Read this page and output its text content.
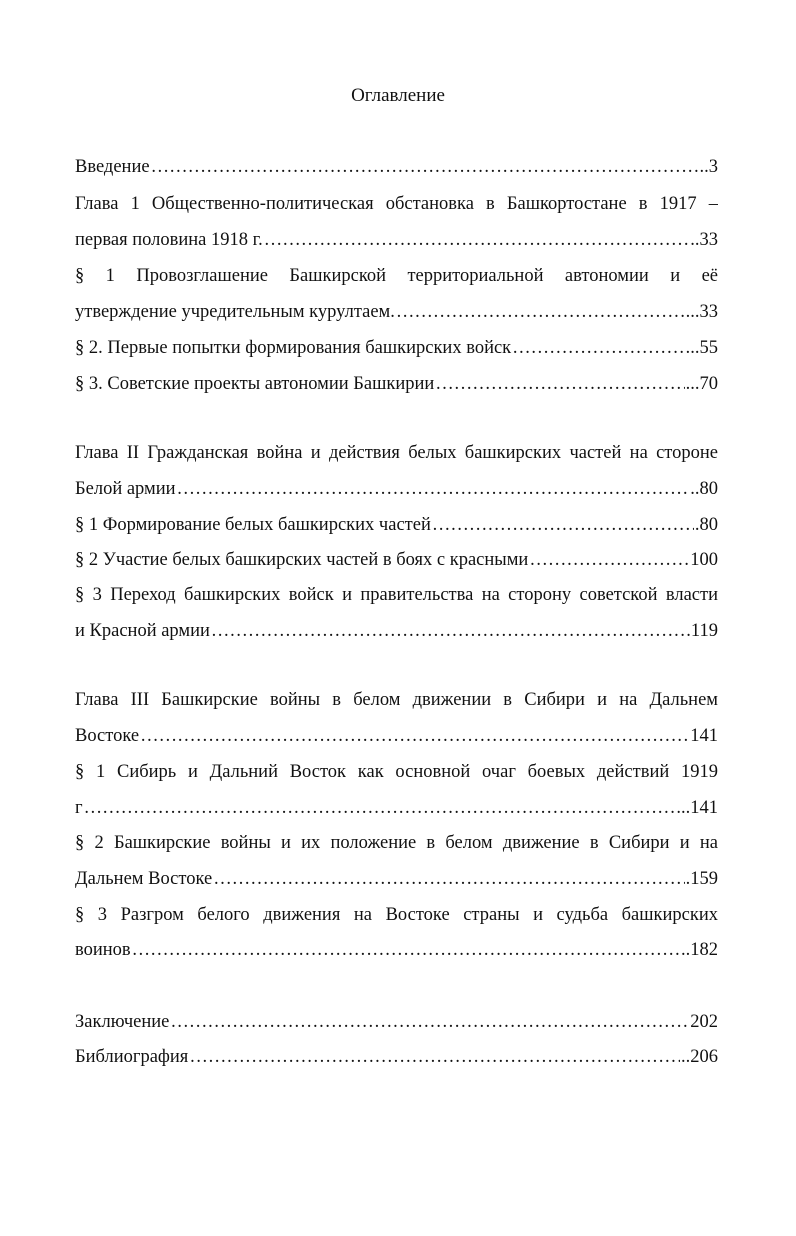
Оглавление
Введение ……………………………………………………………………………………………………………………………………………………………………………………	..3
Глава 1 Общественно-политическая обстановка в Башкортостане в 1917 –
первая половина 1918 г. ……………………………………………………………………………………………………………………………………………………………………………………	..33
§ 1 Провозглашение Башкирской территориальной автономии и её
утверждение учредительным курултаем. ……………………………………………………………………………………………………………………………………………………………………………………	...33
§ 2. Первые попытки формирования башкирских войск ……………………………………………………………………………………………………………………………………………………………………………………	..55
§ 3. Советские проекты автономии Башкирии ……………………………………………………………………………………………………………………………………………………………………………………	...70
Глава II Гражданская война и действия белых башкирских частей на стороне
Белой армии ……………………………………………………………………………………………………………………………………………………………………………………	..80
§ 1 Формирование белых башкирских частей ……………………………………………………………………………………………………………………………………………………………………………………	.80
§ 2 Участие белых башкирских частей в боях с красными ……………………………………………………………………………………………………………………………………………………………………………………	100
§ 3 Переход башкирских войск и правительства на сторону советской власти
и Красной армии ……………………………………………………………………………………………………………………………………………………………………………………	.119
Глава III Башкирские войны в белом движении в Сибири и на Дальнем
Востоке ……………………………………………………………………………………………………………………………………………………………………………………	141
§ 1 Сибирь и Дальний Восток как основной очаг боевых действий 1919
г ……………………………………………………………………………………………………………………………………………………………………………………	..141
§ 2 Башкирские войны и их положение в белом движение в Сибири и на
Дальнем Востоке ……………………………………………………………………………………………………………………………………………………………………………………	.159
§ 3 Разгром белого движения на Востоке страны и судьба башкирских
воинов ……………………………………………………………………………………………………………………………………………………………………………………	..182
Заключение ……………………………………………………………………………………………………………………………………………………………………………………	202
Библиография ……………………………………………………………………………………………………………………………………………………………………………………	..206
